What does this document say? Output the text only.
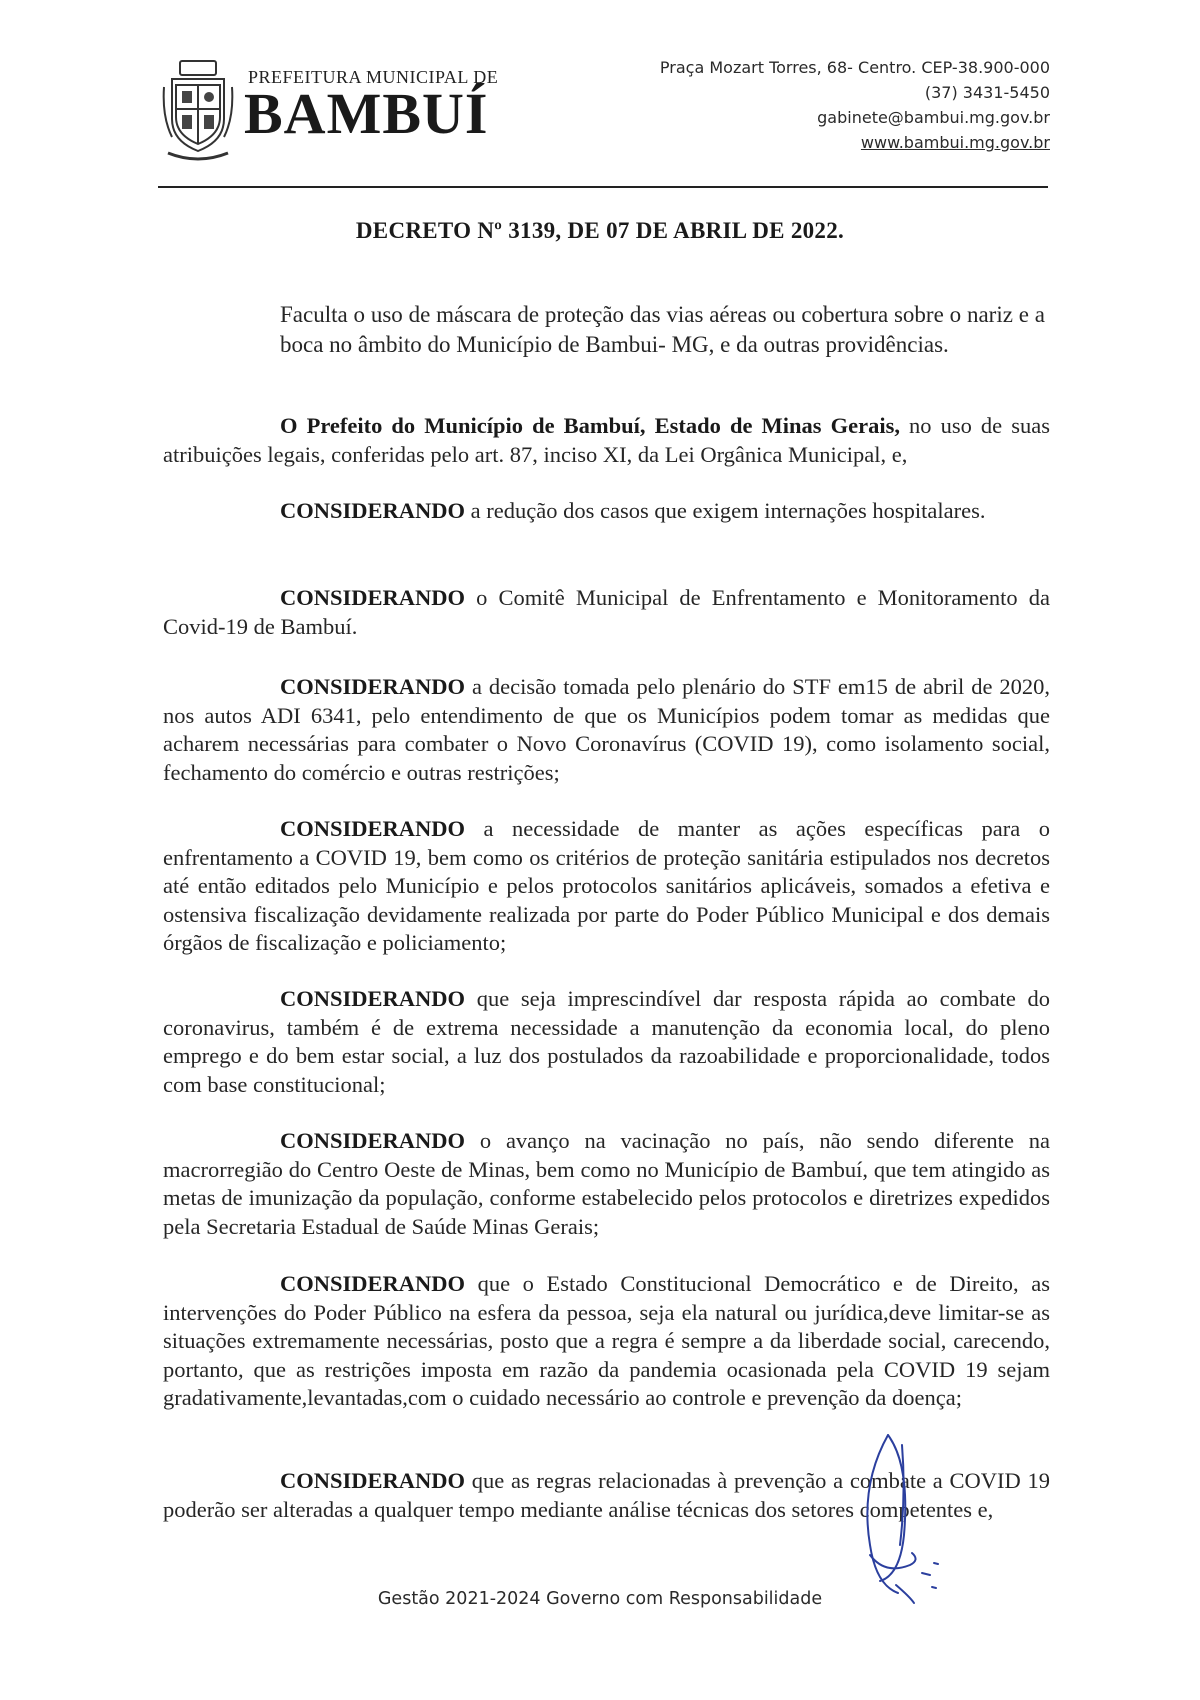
PREFEITURA MUNICIPAL DE
BAMBUÍ
Praça Mozart Torres, 68- Centro. CEP-38.900-000
(37) 3431-5450
gabinete@bambui.mg.gov.br
www.bambui.mg.gov.br
DECRETO Nº 3139, DE 07 DE ABRIL DE 2022.
Faculta o uso de máscara de proteção das vias aéreas ou cobertura sobre o nariz e a boca no âmbito do Município de Bambui- MG, e da outras providências.
O Prefeito do Município de Bambuí, Estado de Minas Gerais, no uso de suas atribuições legais, conferidas pelo art. 87, inciso XI, da Lei Orgânica Municipal, e,
CONSIDERANDO a redução dos casos que exigem internações hospitalares.
CONSIDERANDO o Comitê Municipal de Enfrentamento e Monitoramento da Covid-19 de Bambuí.
CONSIDERANDO a decisão tomada pelo plenário do STF em15 de abril de 2020, nos autos ADI 6341, pelo entendimento de que os Municípios podem tomar as medidas que acharem necessárias para combater o Novo Coronavírus (COVID 19), como isolamento social, fechamento do comércio e outras restrições;
CONSIDERANDO a necessidade de manter as ações específicas para o enfrentamento a COVID 19, bem como os critérios de proteção sanitária estipulados nos decretos até então editados pelo Município e pelos protocolos sanitários aplicáveis, somados a efetiva e ostensiva fiscalização devidamente realizada por parte do Poder Público Municipal e dos demais órgãos de fiscalização e policiamento;
CONSIDERANDO que seja imprescindível dar resposta rápida ao combate do coronavirus, também é de extrema necessidade a manutenção da economia local, do pleno emprego e do bem estar social, a luz dos postulados da razoabilidade e proporcionalidade, todos com base constitucional;
CONSIDERANDO o avanço na vacinação no país, não sendo diferente na macrorregião do Centro Oeste de Minas, bem como no Município de Bambuí, que tem atingido as metas de imunização da população, conforme estabelecido pelos protocolos e diretrizes expedidos pela Secretaria Estadual de Saúde Minas Gerais;
CONSIDERANDO que o Estado Constitucional Democrático e de Direito, as intervenções do Poder Público na esfera da pessoa, seja ela natural ou jurídica,deve limitar-se as situações extremamente necessárias, posto que a regra é sempre a da liberdade social, carecendo, portanto, que as restrições imposta em razão da pandemia ocasionada pela COVID 19 sejam gradativamente,levantadas,com o cuidado necessário ao controle e prevenção da doença;
CONSIDERANDO que as regras relacionadas à prevenção a combate a COVID 19 poderão ser alteradas a qualquer tempo mediante análise técnicas dos setores competentes e,
Gestão 2021-2024 Governo com Responsabilidade
